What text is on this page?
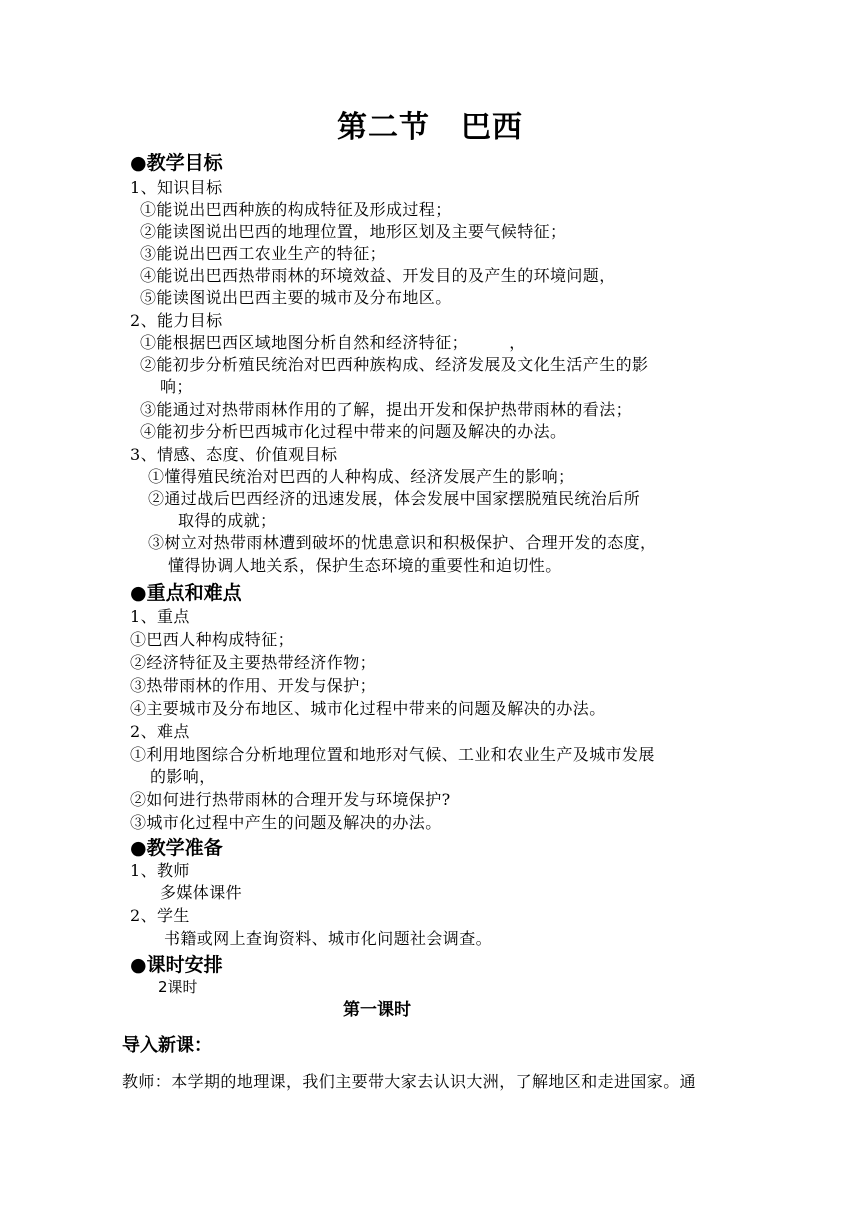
第二节　巴西
●教学目标
1、知识目标
①能说出巴西种族的构成特征及形成过程；
②能读图说出巴西的地理位置，地形区划及主要气候特征；
③能说出巴西工农业生产的特征；
④能说出巴西热带雨林的环境效益、开发目的及产生的环境问题，
⑤能读图说出巴西主要的城市及分布地区。
2、能力目标
①能根据巴西区域地图分析自然和经济特征；　　　，
②能初步分析殖民统治对巴西种族构成、经济发展及文化生活产生的影
响；
③能通过对热带雨林作用的了解，提出开发和保护热带雨林的看法；
④能初步分析巴西城市化过程中带来的问题及解决的办法。
3、情感、态度、价值观目标
①懂得殖民统治对巴西的人种构成、经济发展产生的影响；
②通过战后巴西经济的迅速发展，体会发展中国家摆脱殖民统治后所
取得的成就；
③树立对热带雨林遭到破坏的忧患意识和积极保护、合理开发的态度，
懂得协调人地关系，保护生态环境的重要性和迫切性。
●重点和难点
1、重点
①巴西人种构成特征；
②经济特征及主要热带经济作物；
③热带雨林的作用、开发与保护；
④主要城市及分布地区、城市化过程中带来的问题及解决的办法。
2、难点
①利用地图综合分析地理位置和地形对气候、工业和农业生产及城市发展
的影响，
②如何进行热带雨林的合理开发与环境保护?
③城市化过程中产生的问题及解决的办法。
●教学准备
1、教师
多媒体课件
2、学生
书籍或网上查询资料、城市化问题社会调查。
●课时安排
2课时
第一课时
导入新课：
教师：本学期的地理课，我们主要带大家去认识大洲，了解地区和走进国家。通
